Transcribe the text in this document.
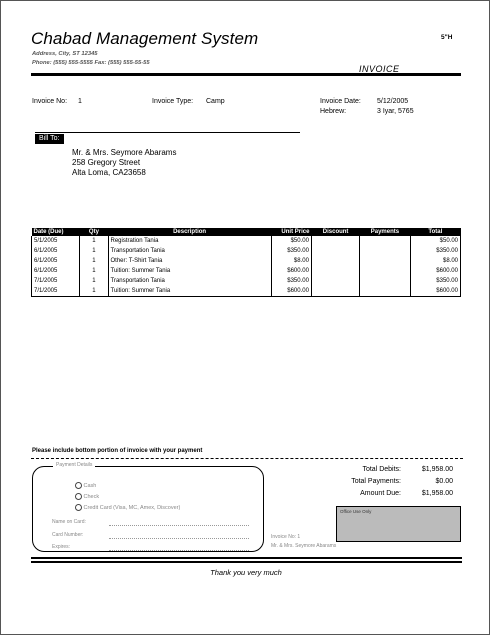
Chabad Management System
Address, City, ST 12345
Phone: (555) 555-5555 Fax: (555) 555-55-55
5"H
INVOICE
Invoice No: 1	Invoice Type: Camp	Invoice Date: 5/12/2005
Hebrew:	3 Iyar, 5765
Bill To:
Mr. & Mrs. Seymore Abarams
258 Gregory Street
Alta Loma, CA23658
Date (Due)	Qty	Description	Unit Price	Discount	Payments	Total
5/1/2005	1	Registration Tania	$50.00			$50.00
6/1/2005	1	Transportation Tania	$350.00			$350.00
6/1/2005	1	Other: T-Shirt Tania	$8.00			$8.00
6/1/2005	1	Tuition: Summer Tania	$600.00			$600.00
7/1/2005	1	Transportation Tania	$350.00			$350.00
7/1/2005	1	Tuition: Summer Tania	$600.00			$600.00
Please include bottom portion of invoice with your payment
Payment Details
Cash
Check
Credit Card (Visa, MC, Amex, Discover)
Name on Card:
Card Number:
Expires:
Total Debits:	$1,958.00
Total Payments:	$0.00
Amount Due:	$1,958.00
Office Use Only
Invoice No: 1
Mr. & Mrs. Seymore Abarams
Thank you very much
